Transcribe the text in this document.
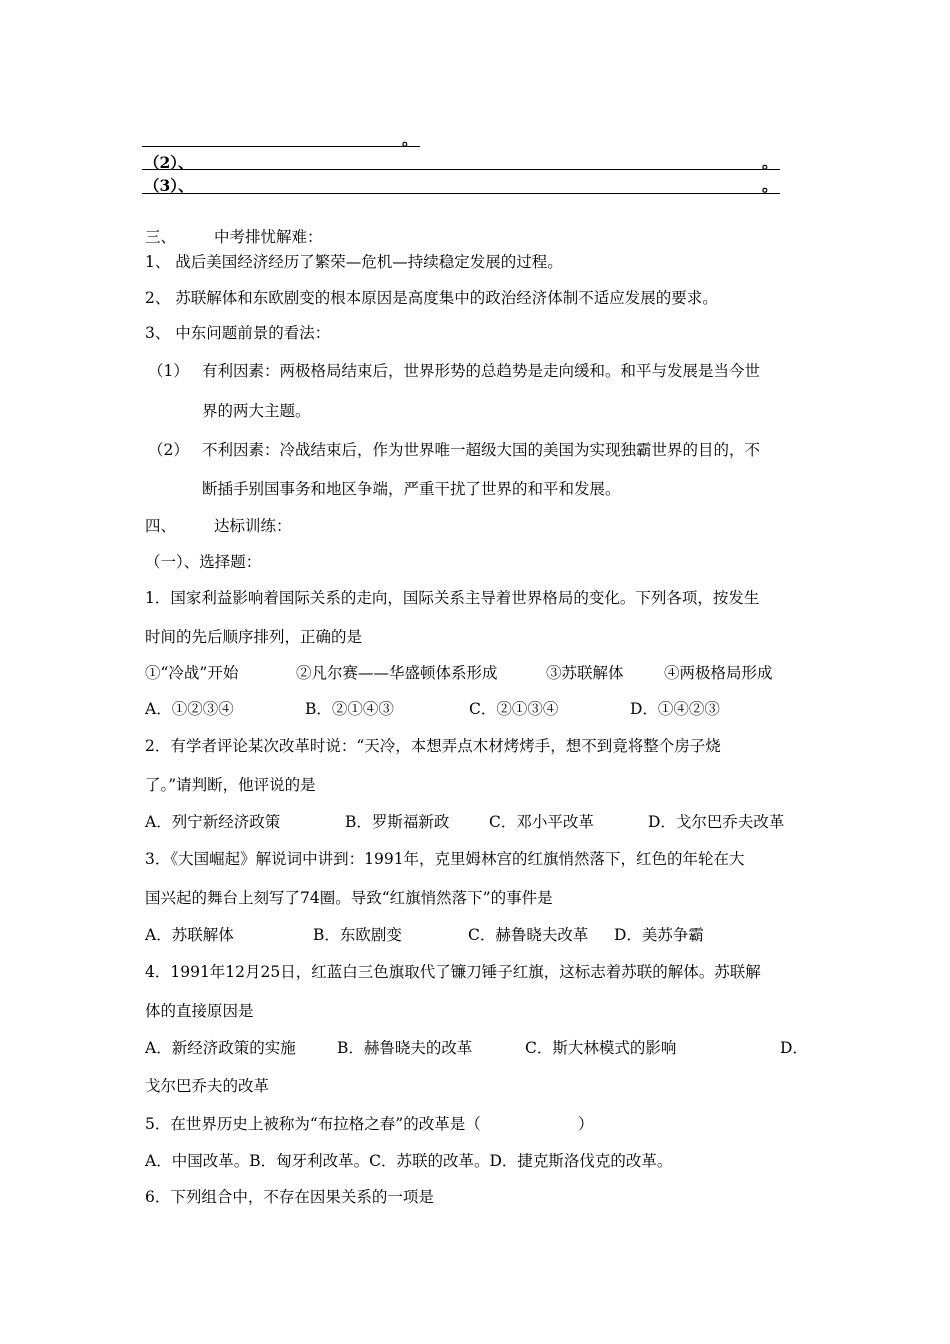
。
（2）、	。
（3）、	。
三、 中考排忧解难：
1、 战后美国经济经历了繁荣—危机—持续稳定发展的过程。
2、 苏联解体和东欧剧变的根本原因是高度集中的政治经济体制不适应发展的要求。
3、 中东问题前景的看法：
（1） 有利因素：两极格局结束后，世界形势的总趋势是走向缓和。和平与发展是当今世
界的两大主题。
（2） 不利因素：冷战结束后，作为世界唯一超级大国的美国为实现独霸世界的目的，不
断插手别国事务和地区争端，严重干扰了世界的和平和发展。
四、 达标训练：
（一）、选择题：
1．国家利益影响着国际关系的走向，国际关系主导着世界格局的变化。下列各项，按发生
时间的先后顺序排列，正确的是
①“冷战”开始	②凡尔赛——华盛顿体系形成	③苏联解体	④两极格局形成
A．①②③④	B．②①④③	C．②①③④	D．①④②③
2．有学者评论某次改革时说：“天冷，本想弄点木材烤烤手，想不到竟将整个房子烧
了。”请判断，他评说的是
A．列宁新经济政策	B．罗斯福新政	C．邓小平改革	D．戈尔巴乔夫改革
3．《大国崛起》解说词中讲到：1991年，克里姆林宫的红旗悄然落下，红色的年轮在大
国兴起的舞台上刻写了74圈。导致“红旗悄然落下”的事件是
A．苏联解体	B．东欧剧变	C．赫鲁晓夫改革 D．美苏争霸
4．1991年12月25日，红蓝白三色旗取代了镰刀锤子红旗，这标志着苏联的解体。苏联解
体的直接原因是
A．新经济政策的实施	B．赫鲁晓夫的改革	C．斯大林模式的影响	D．
戈尔巴乔夫的改革
5．在世界历史上被称为“布拉格之春”的改革是（	）
A．中国改革。B．匈牙利改革。C．苏联的改革。D．捷克斯洛伐克的改革。
6．下列组合中，不存在因果关系的一项是
